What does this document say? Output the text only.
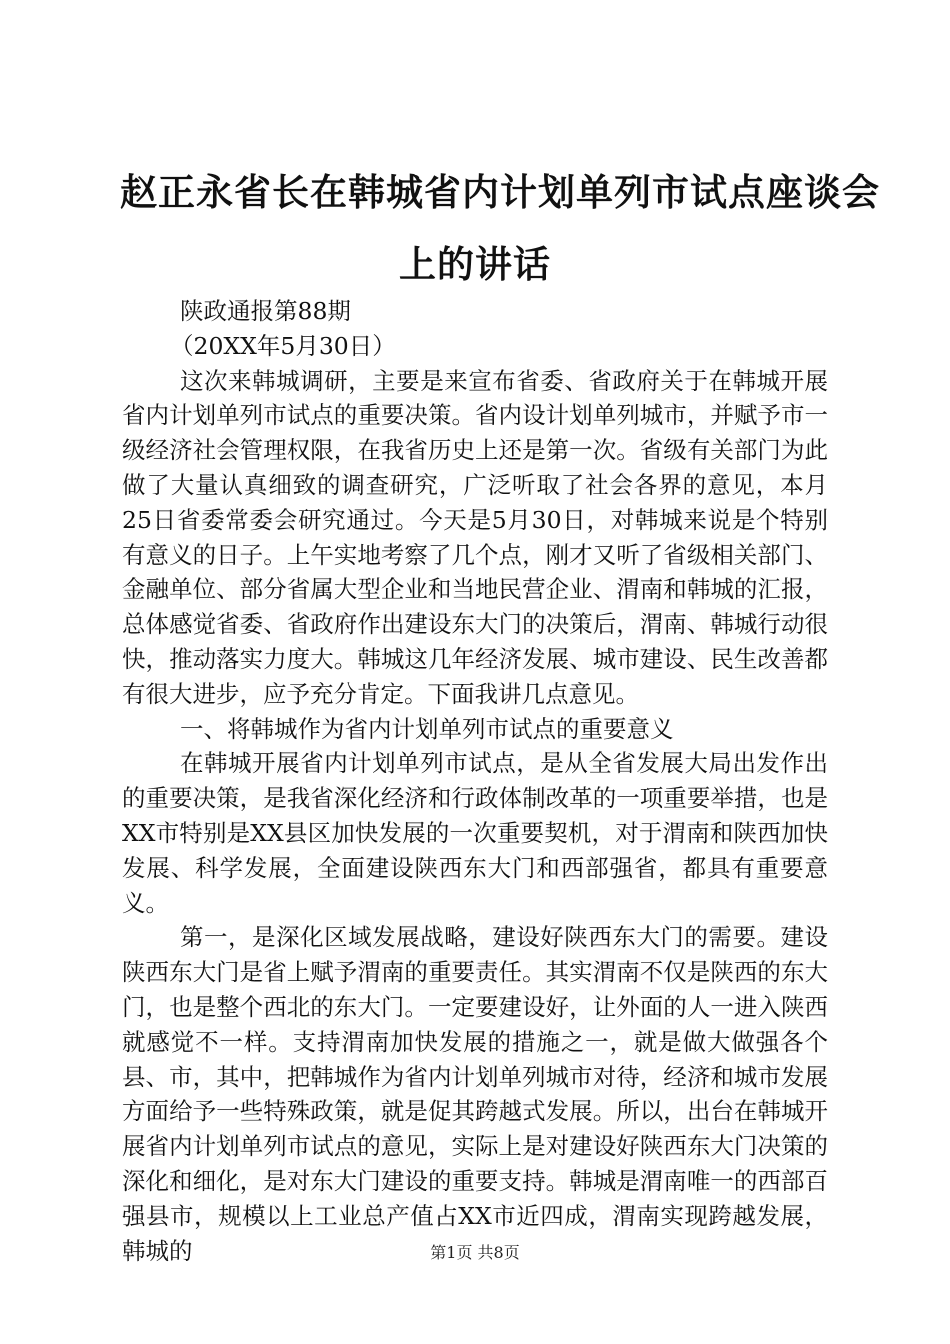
赵正永省长在韩城省内计划单列市试点座谈会
上的讲话

陕政通报第88期

（20XX年5月30日）

这次来韩城调研，主要是来宣布省委、省政府关于在韩城开展省内计划单列市试点的重要决策。省内设计划单列城市，并赋予市一级经济社会管理权限，在我省历史上还是第一次。省级有关部门为此做了大量认真细致的调查研究，广泛听取了社会各界的意见，本月25日省委常委会研究通过。今天是5月30日，对韩城来说是个特别有意义的日子。上午实地考察了几个点，刚才又听了省级相关部门、金融单位、部分省属大型企业和当地民营企业、渭南和韩城的汇报，总体感觉省委、省政府作出建设东大门的决策后，渭南、韩城行动很快，推动落实力度大。韩城这几年经济发展、城市建设、民生改善都有很大进步，应予充分肯定。下面我讲几点意见。

一、将韩城作为省内计划单列市试点的重要意义

在韩城开展省内计划单列市试点，是从全省发展大局出发作出的重要决策，是我省深化经济和行政体制改革的一项重要举措，也是XX市特别是XX县区加快发展的一次重要契机，对于渭南和陕西加快发展、科学发展，全面建设陕西东大门和西部强省，都具有重要意义。

第一，是深化区域发展战略，建设好陕西东大门的需要。建设陕西东大门是省上赋予渭南的重要责任。其实渭南不仅是陕西的东大门，也是整个西北的东大门。一定要建设好，让外面的人一进入陕西就感觉不一样。支持渭南加快发展的措施之一，就是做大做强各个县、市，其中，把韩城作为省内计划单列城市对待，经济和城市发展方面给予一些特殊政策，就是促其跨越式发展。所以，出台在韩城开展省内计划单列市试点的意见，实际上是对建设好陕西东大门决策的深化和细化，是对东大门建设的重要支持。韩城是渭南唯一的西部百强县市，规模以上工业总产值占XX市近四成，渭南实现跨越发展，韩城的	第1页 共8页
